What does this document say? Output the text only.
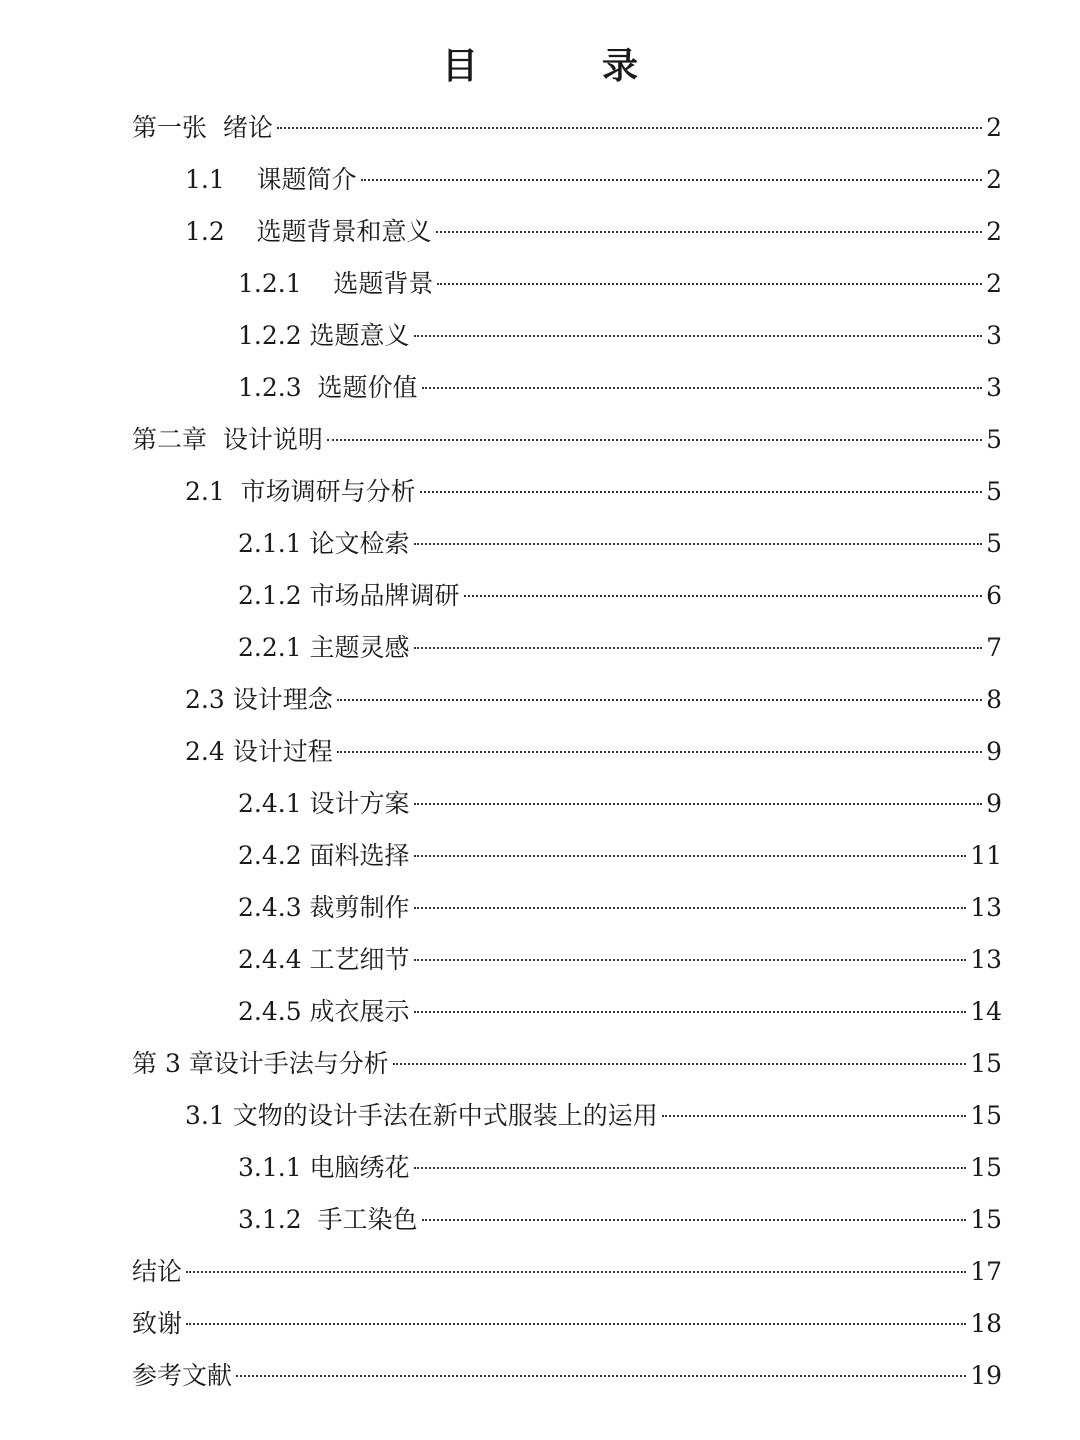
目　录
第一张  绪论	2
1.1    课题简介	2
1.2    选题背景和意义	2
1.2.1    选题背景	2
1.2.2 选题意义	3
1.2.3  选题价值	3
第二章  设计说明	5
2.1  市场调研与分析	5
2.1.1 论文检索	5
2.1.2 市场品牌调研	6
2.2.1 主题灵感	7
2.3 设计理念	8
2.4 设计过程	9
2.4.1 设计方案	9
2.4.2 面料选择	11
2.4.3 裁剪制作	13
2.4.4 工艺细节	13
2.4.5 成衣展示	14
第 3 章设计手法与分析	15
3.1 文物的设计手法在新中式服装上的运用	15
3.1.1 电脑绣花	15
3.1.2  手工染色	15
结论	17
致谢	18
参考文献	19
